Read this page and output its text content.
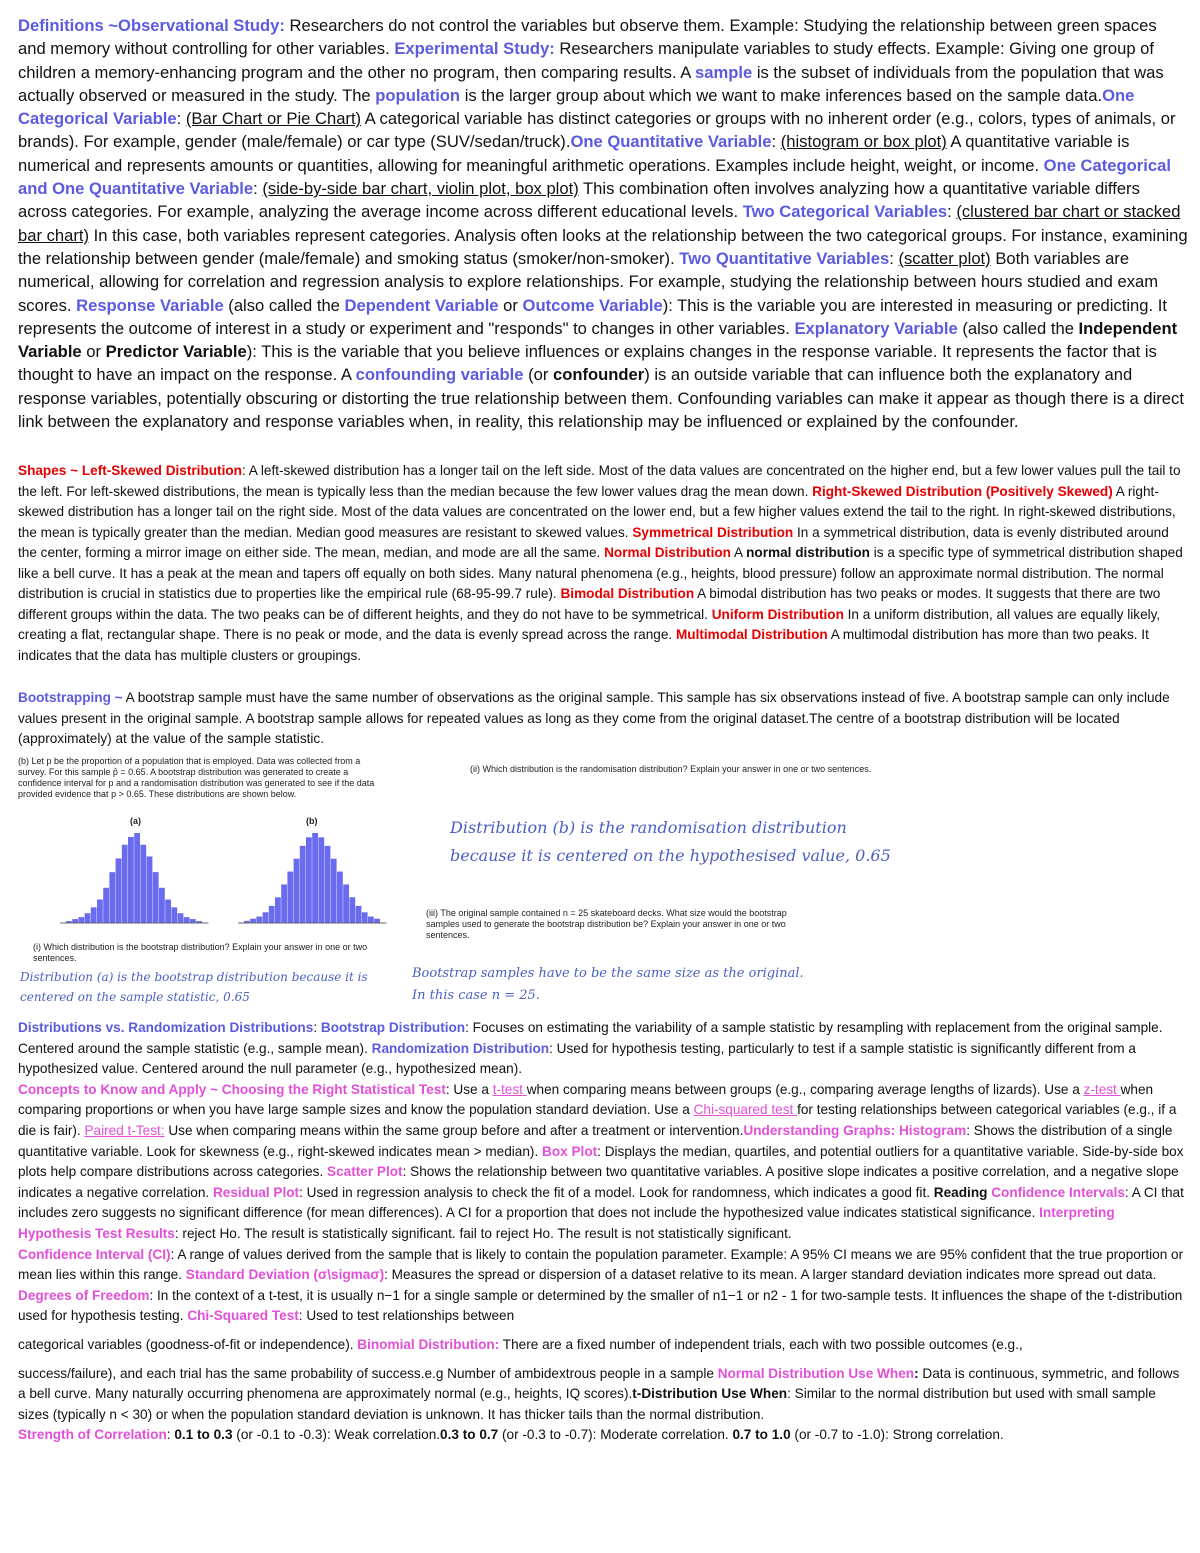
Definitions ~Observational Study: Researchers do not control the variables but observe them. Example: Studying the relationship between green spaces and memory without controlling for other variables. Experimental Study: Researchers manipulate variables to study effects. Example: Giving one group of children a memory-enhancing program and the other no program, then comparing results. A sample is the subset of individuals from the population that was actually observed or measured in the study. The population is the larger group about which we want to make inferences based on the sample data.One Categorical Variable: (Bar Chart or Pie Chart) A categorical variable has distinct categories or groups with no inherent order (e.g., colors, types of animals, or brands). For example, gender (male/female) or car type (SUV/sedan/truck).One Quantitative Variable: (histogram or box plot) A quantitative variable is numerical and represents amounts or quantities, allowing for meaningful arithmetic operations. Examples include height, weight, or income. One Categorical and One Quantitative Variable: (side-by-side bar chart, violin plot, box plot) This combination often involves analyzing how a quantitative variable differs across categories. For example, analyzing the average income across different educational levels. Two Categorical Variables: (clustered bar chart or stacked bar chart) In this case, both variables represent categories. Analysis often looks at the relationship between the two categorical groups. For instance, examining the relationship between gender (male/female) and smoking status (smoker/non-smoker). Two Quantitative Variables: (scatter plot) Both variables are numerical, allowing for correlation and regression analysis to explore relationships. For example, studying the relationship between hours studied and exam scores. Response Variable (also called the Dependent Variable or Outcome Variable): This is the variable you are interested in measuring or predicting. It represents the outcome of interest in a study or experiment and "responds" to changes in other variables. Explanatory Variable (also called the Independent Variable or Predictor Variable): This is the variable that you believe influences or explains changes in the response variable. It represents the factor that is thought to have an impact on the response. A confounding variable (or confounder) is an outside variable that can influence both the explanatory and response variables, potentially obscuring or distorting the true relationship between them. Confounding variables can make it appear as though there is a direct link between the explanatory and response variables when, in reality, this relationship may be influenced or explained by the confounder.
Shapes ~ Left-Skewed Distribution: A left-skewed distribution has a longer tail on the left side. Most of the data values are concentrated on the higher end, but a few lower values pull the tail to the left. For left-skewed distributions, the mean is typically less than the median because the few lower values drag the mean down. Right-Skewed Distribution (Positively Skewed) A right-skewed distribution has a longer tail on the right side. Most of the data values are concentrated on the lower end, but a few higher values extend the tail to the right. In right-skewed distributions, the mean is typically greater than the median. Median good measures are resistant to skewed values. Symmetrical Distribution In a symmetrical distribution, data is evenly distributed around the center, forming a mirror image on either side. The mean, median, and mode are all the same. Normal Distribution A normal distribution is a specific type of symmetrical distribution shaped like a bell curve. It has a peak at the mean and tapers off equally on both sides. Many natural phenomena (e.g., heights, blood pressure) follow an approximate normal distribution. The normal distribution is crucial in statistics due to properties like the empirical rule (68-95-99.7 rule). Bimodal Distribution A bimodal distribution has two peaks or modes. It suggests that there are two different groups within the data. The two peaks can be of different heights, and they do not have to be symmetrical. Uniform Distribution In a uniform distribution, all values are equally likely, creating a flat, rectangular shape. There is no peak or mode, and the data is evenly spread across the range. Multimodal Distribution A multimodal distribution has more than two peaks. It indicates that the data has multiple clusters or groupings.
Bootstrapping ~ A bootstrap sample must have the same number of observations as the original sample. This sample has six observations instead of five. A bootstrap sample can only include values present in the original sample. A bootstrap sample allows for repeated values as long as they come from the original dataset.The centre of a bootstrap distribution will be located (approximately) at the value of the sample statistic.
(b) Let p be the proportion of a population that is employed. Data was collected from a survey. For this sample p̂ = 0.65. A bootstrap distribution was generated to create a confidence interval for p and a randomisation distribution was generated to see if the data provided evidence that p > 0.65. These distributions are shown below.
(a)	(b)
(i) Which distribution is the bootstrap distribution? Explain your answer in one or two sentences.
Distribution (a) is the bootstrap distribution because it is
centered on the sample statistic, 0.65
(ii) Which distribution is the randomisation distribution? Explain your answer in one or two sentences.
Distribution (b) is the randomisation distribution
because it is centered on the hypothesised value, 0.65
(iii) The original sample contained n = 25 skateboard decks. What size would the bootstrap samples used to generate the bootstrap distribution be? Explain your answer in one or two sentences.
Bootstrap samples have to be the same size as the original.
In this case n = 25.
Distributions vs. Randomization Distributions: Bootstrap Distribution: Focuses on estimating the variability of a sample statistic by resampling with replacement from the original sample. Centered around the sample statistic (e.g., sample mean). Randomization Distribution: Used for hypothesis testing, particularly to test if a sample statistic is significantly different from a hypothesized value. Centered around the null parameter (e.g., hypothesized mean).
Concepts to Know and Apply ~ Choosing the Right Statistical Test: Use a t-test when comparing means between groups (e.g., comparing average lengths of lizards). Use a z-test when comparing proportions or when you have large sample sizes and know the population standard deviation. Use a Chi-squared test for testing relationships between categorical variables (e.g., if a die is fair). Paired t-Test: Use when comparing means within the same group before and after a treatment or intervention.Understanding Graphs: Histogram: Shows the distribution of a single quantitative variable. Look for skewness (e.g., right-skewed indicates mean > median). Box Plot: Displays the median, quartiles, and potential outliers for a quantitative variable. Side-by-side box plots help compare distributions across categories. Scatter Plot: Shows the relationship between two quantitative variables. A positive slope indicates a positive correlation, and a negative slope indicates a negative correlation. Residual Plot: Used in regression analysis to check the fit of a model. Look for randomness, which indicates a good fit. Reading Confidence Intervals: A CI that includes zero suggests no significant difference (for mean differences). A CI for a proportion that does not include the hypothesized value indicates statistical significance. Interpreting Hypothesis Test Results: reject Ho. The result is statistically significant. fail to reject Ho. The result is not statistically significant.
Confidence Interval (CI): A range of values derived from the sample that is likely to contain the population parameter. Example: A 95% CI means we are 95% confident that the true proportion or mean lies within this range. Standard Deviation (σ\sigmaσ): Measures the spread or dispersion of a dataset relative to its mean. A larger standard deviation indicates more spread out data. Degrees of Freedom: In the context of a t-test, it is usually n−1 for a single sample or determined by the smaller of n1−1 or n2 - 1 for two-sample tests. It influences the shape of the t-distribution used for hypothesis testing. Chi-Squared Test: Used to test relationships between
categorical variables (goodness-of-fit or independence). Binomial Distribution: There are a fixed number of independent trials, each with two possible outcomes (e.g.,
success/failure), and each trial has the same probability of success.e.g Number of ambidextrous people in a sample Normal Distribution Use When: Data is continuous, symmetric, and follows a bell curve. Many naturally occurring phenomena are approximately normal (e.g., heights, IQ scores).t-Distribution Use When: Similar to the normal distribution but used with small sample sizes (typically n < 30) or when the population standard deviation is unknown. It has thicker tails than the normal distribution.
Strength of Correlation: 0.1 to 0.3 (or -0.1 to -0.3): Weak correlation.0.3 to 0.7 (or -0.3 to -0.7): Moderate correlation. 0.7 to 1.0 (or -0.7 to -1.0): Strong correlation.
